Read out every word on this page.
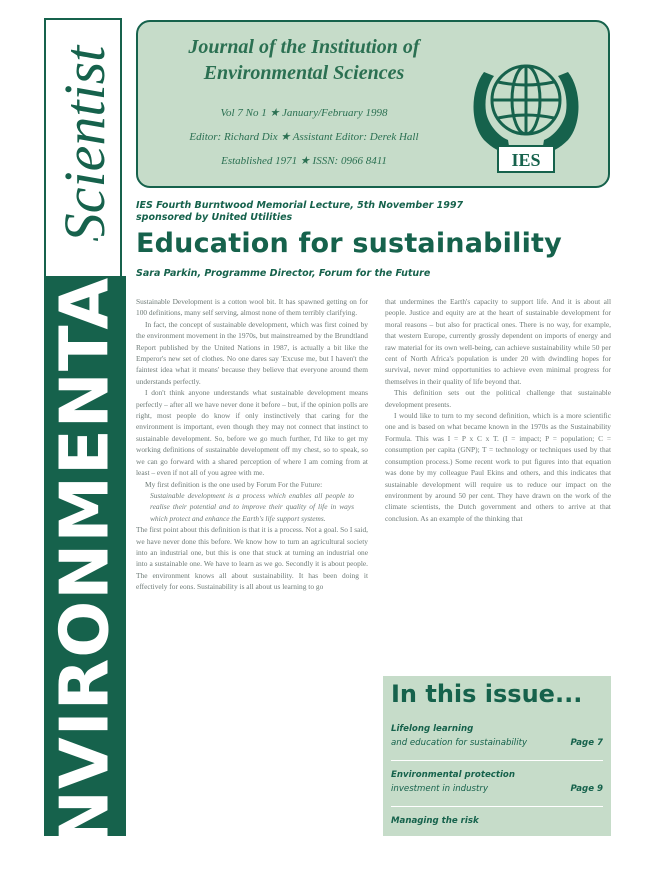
Scientist
ENVIRONMENTAL
Journal of the Institution of
Environmental Sciences
Vol 7 No 1 ★ January/February 1998
Editor: Richard Dix ★ Assistant Editor: Derek Hall
Established 1971 ★ ISSN: 0966 8411	IES
IES Fourth Burntwood Memorial Lecture, 5th November 1997
sponsored by United Utilities
Education for sustainability
Sara Parkin, Programme Director, Forum for the Future

Sustainable Development is a cotton wool bit. It has spawned getting on for 100 definitions, many self serving, almost none of them terribly clarifying.

In fact, the concept of sustainable development, which was first coined by the environment movement in the 1970s, but mainstreamed by the Brundtland Report published by the United Nations in 1987, is actually a bit like the Emperor's new set of clothes. No one dares say 'Excuse me, but I haven't the faintest idea what it means' because they believe that everyone around them understands perfectly.

I don't think anyone understands what sustainable development means perfectly – after all we have never done it before – but, if the opinion polls are right, most people do know if only instinctively that caring for the environment is important, even though they may not connect that instinct to sustainable development. So, before we go much further, I'd like to get my working definitions of sustainable development off my chest, so to speak, so we can go forward with a shared perception of where I am coming from at least – even if not all of you agree with me.

My first definition is the one used by Forum For the Future:

Sustainable development is a process which enables all people to realise their potential and to improve their quality of life in ways which protect and enhance the Earth's life support systems.

The first point about this definition is that it is a process. Not a goal. So I said, we have never done this before. We know how to turn an agricultural society into an industrial one, but this is one that stuck at turning an industrial one into a sustainable one. We have to learn as we go. Secondly it is about people. The environment knows all about sustainability. It has been doing it effectively for eons. Sustainability is all about us learning to go

that undermines the Earth's capacity to support life. And it is about all people. Justice and equity are at the heart of sustainable development for moral reasons – but also for practical ones. There is no way, for example, that western Europe, currently grossly dependent on imports of energy and raw material for its own well-being, can achieve sustainability while 50 per cent of North Africa's population is under 20 with dwindling hopes for survival, never mind opportunities to achieve even minimal progress for themselves in their quality of life beyond that.

This definition sets out the political challenge that sustainable development presents.

I would like to turn to my second definition, which is a more scientific one and is based on what became known in the 1970s as the Sustainability Formula. This was I = P x C x T. (I = impact; P = population; C = consumption per capita (GNP); T = technology or techniques used by that consumption process.) Some recent work to put figures into that equation was done by my colleague Paul Ekins and others, and this indicates that sustainable development will require us to reduce our impact on the environment by around 50 per cent. They have drawn on the work of the climate scientists, the Dutch government and others to arrive at that conclusion. As an example of the thinking that

In this issue...
Lifelong learning
Page 7
and education for sustainability
Environmental protection
Page 9
investment in industry
Managing the risk
